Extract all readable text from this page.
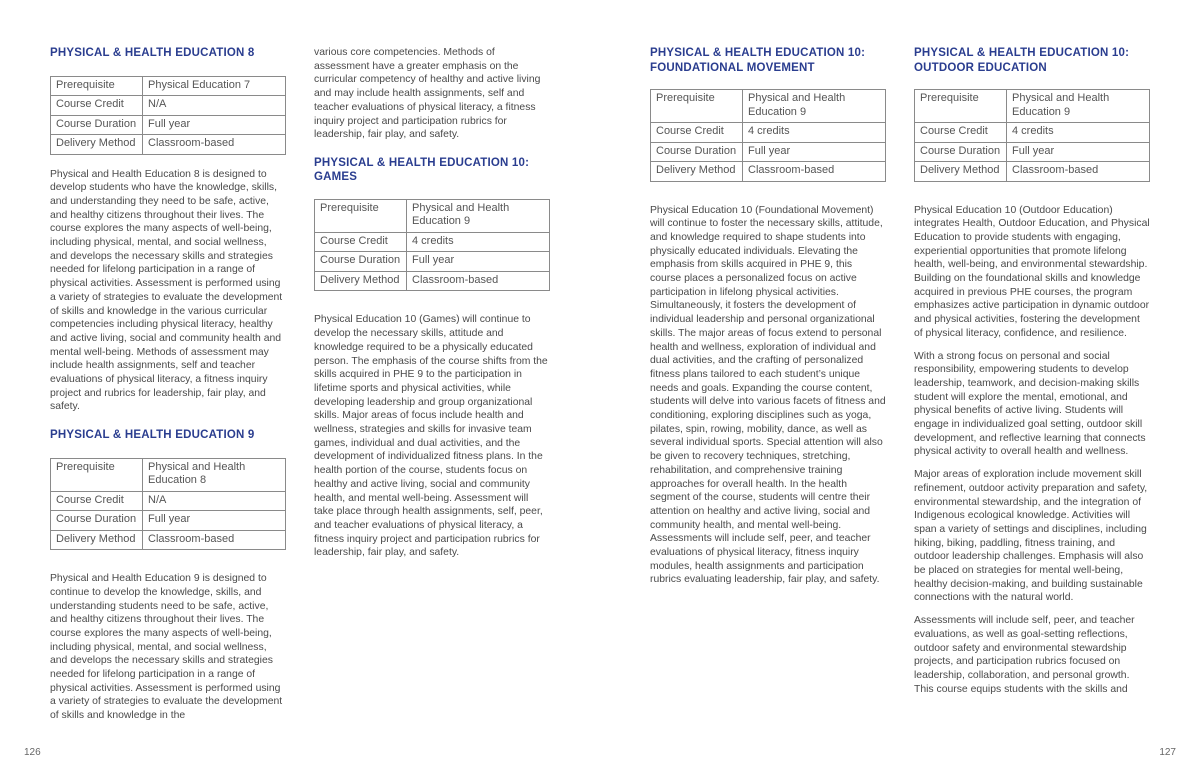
PHYSICAL & HEALTH EDUCATION 8
Prerequisite	Physical Education 7
Course Credit	N/A
Course Duration	Full year
Delivery Method	Classroom-based

Physical and Health Education 8 is designed to develop students who have the knowledge, skills, and understanding they need to be safe, active, and healthy citizens throughout their lives. The course explores the many aspects of well-being, including physical, mental, and social wellness, and develops the necessary skills and strategies needed for lifelong participation in a range of physical activities. Assessment is performed using a variety of strategies to evaluate the development of skills and knowledge in the various curricular competencies including physical literacy, healthy and active living, social and community health and mental well-being. Methods of assessment may include health assignments, self and teacher evaluations of physical literacy, a fitness inquiry project and rubrics for leadership, fair play, and safety.

PHYSICAL & HEALTH EDUCATION 9
Prerequisite	Physical and Health Education 8
Course Credit	N/A
Course Duration	Full year
Delivery Method	Classroom-based

Physical and Health Education 9 is designed to continue to develop the knowledge, skills, and understanding students need to be safe, active, and healthy citizens throughout their lives. The course explores the many aspects of well-being, including physical, mental, and social wellness, and develops the necessary skills and strategies needed for lifelong participation in a range of physical activities. Assessment is performed using a variety of strategies to evaluate the development of skills and knowledge in the

various core competencies. Methods of assessment have a greater emphasis on the curricular competency of healthy and active living and may include health assignments, self and teacher evaluations of physical literacy, a fitness inquiry project and participation rubrics for leadership, fair play, and safety.

PHYSICAL & HEALTH EDUCATION 10:
GAMES
Prerequisite	Physical and Health Education 9
Course Credit	4 credits
Course Duration	Full year
Delivery Method	Classroom-based

Physical Education 10 (Games) will continue to develop the necessary skills, attitude and knowledge required to be a physically educated person. The emphasis of the course shifts from the skills acquired in PHE 9 to the participation in lifetime sports and physical activities, while developing leadership and group organizational skills. Major areas of focus include health and wellness, strategies and skills for invasive team games, individual and dual activities, and the development of individualized fitness plans. In the health portion of the course, students focus on healthy and active living, social and community health, and mental well-being. Assessment will take place through health assignments, self, peer, and teacher evaluations of physical literacy, a fitness inquiry project and participation rubrics for leadership, fair play, and safety.

126
PHYSICAL & HEALTH EDUCATION 10:
FOUNDATIONAL MOVEMENT
Prerequisite	Physical and Health Education 9
Course Credit	4 credits
Course Duration	Full year
Delivery Method	Classroom-based

Physical Education 10 (Foundational Movement) will continue to foster the necessary skills, attitude, and knowledge required to shape students into physically educated individuals. Elevating the emphasis from skills acquired in PHE 9, this course places a personalized focus on active participation in lifelong physical activities. Simultaneously, it fosters the development of individual leadership and personal organizational skills. The major areas of focus extend to personal health and wellness, exploration of individual and dual activities, and the crafting of personalized fitness plans tailored to each student’s unique needs and goals. Expanding the course content, students will delve into various facets of fitness and conditioning, exploring disciplines such as yoga, pilates, spin, rowing, mobility, dance, as well as several individual sports. Special attention will also be given to recovery techniques, stretching, rehabilitation, and comprehensive training approaches for overall health. In the health segment of the course, students will centre their attention on healthy and active living, social and community health, and mental well-being. Assessments will include self, peer, and teacher evaluations of physical literacy, fitness inquiry modules, health assignments and participation rubrics evaluating leadership, fair play, and safety.

PHYSICAL & HEALTH EDUCATION 10:
OUTDOOR EDUCATION
Prerequisite	Physical and Health Education 9
Course Credit	4 credits
Course Duration	Full year
Delivery Method	Classroom-based

Physical Education 10 (Outdoor Education) integrates Health, Outdoor Education, and Physical Education to provide students with engaging, experiential opportunities that promote lifelong health, well-being, and environmental stewardship. Building on the foundational skills and knowledge acquired in previous PHE courses, the program emphasizes active participation in dynamic outdoor and physical activities, fostering the development of physical literacy, confidence, and resilience.

With a strong focus on personal and social responsibility, empowering students to develop leadership, teamwork, and decision-making skills student will explore the mental, emotional, and physical benefits of active living. Students will engage in individualized goal setting, outdoor skill development, and reflective learning that connects physical activity to overall health and wellness.

Major areas of exploration include movement skill refinement, outdoor activity preparation and safety, environmental stewardship, and the integration of Indigenous ecological knowledge. Activities will span a variety of settings and disciplines, including hiking, biking, paddling, fitness training, and outdoor leadership challenges. Emphasis will also be placed on strategies for mental well-being, healthy decision-making, and building sustainable connections with the natural world.

Assessments will include self, peer, and teacher evaluations, as well as goal-setting reflections, outdoor safety and environmental stewardship projects, and participation rubrics focused on leadership, collaboration, and personal growth. This course equips students with the skills and

127
